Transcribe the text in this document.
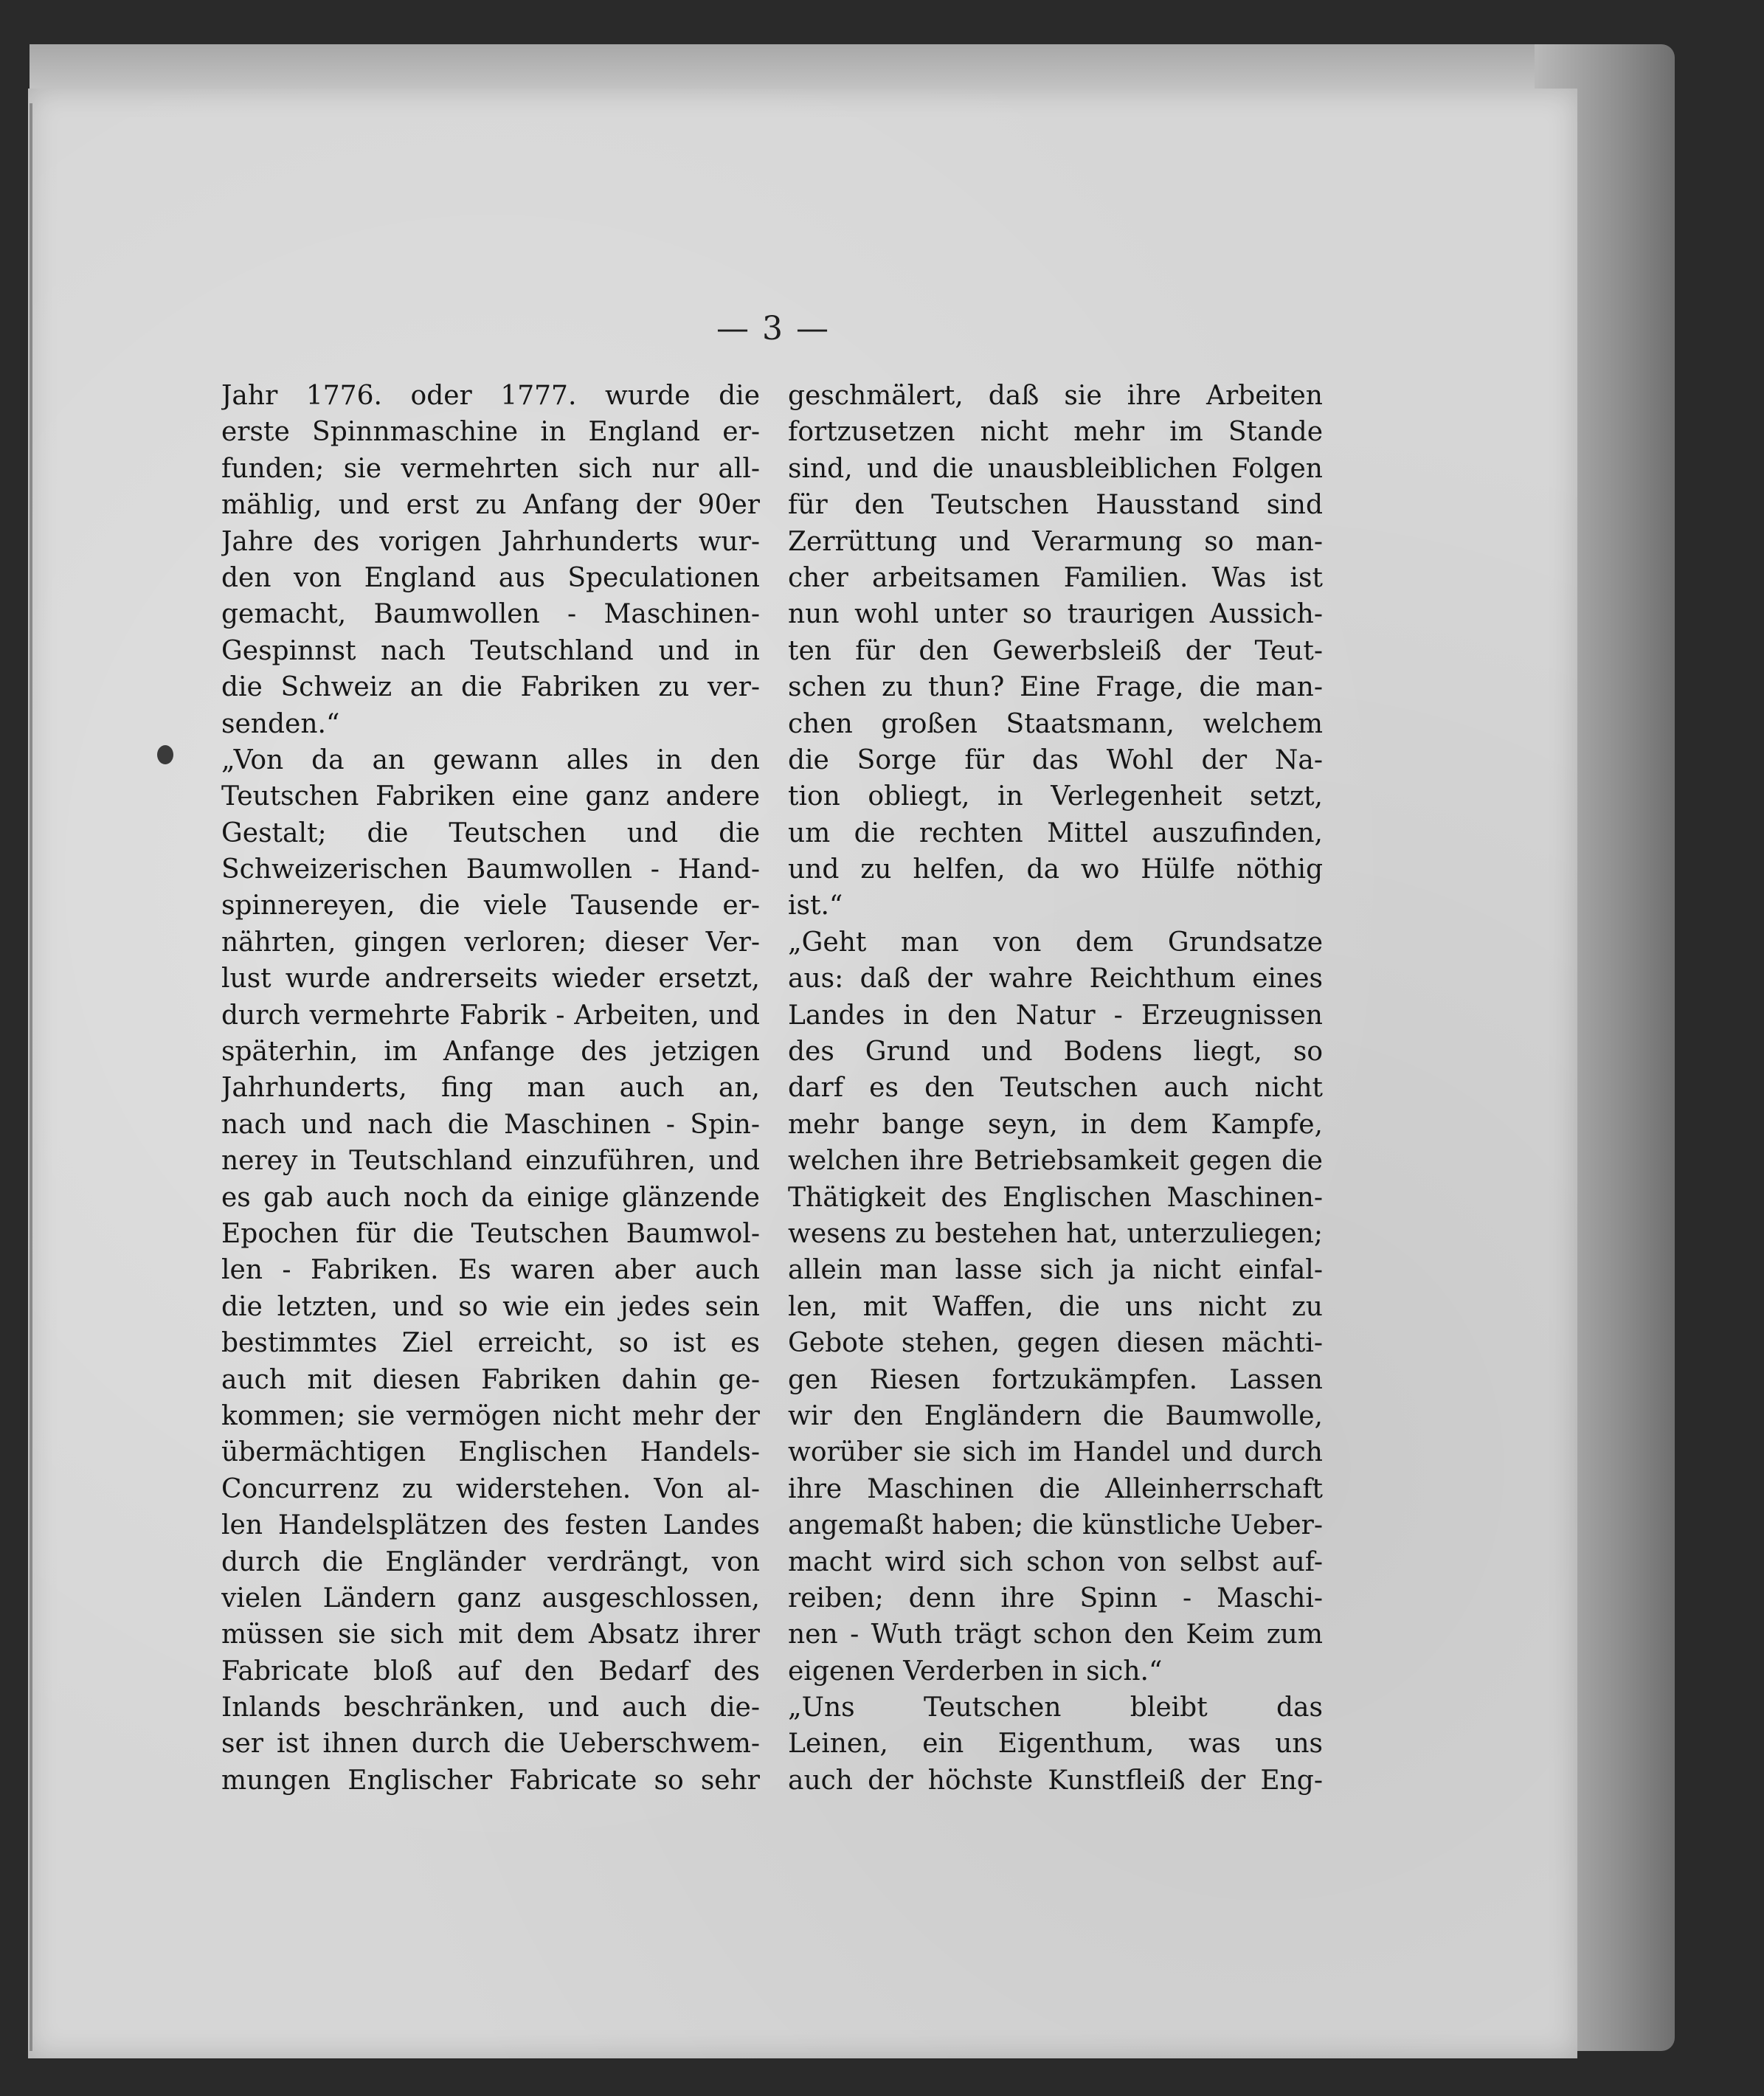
— 3 —
Jahr 1776. oder 1777. wurde die
erste Spinnmaschine in England er-
funden; sie vermehrten sich nur all-
mählig, und erst zu Anfang der 90er
Jahre des vorigen Jahrhunderts wur-
den von England aus Speculationen
gemacht, Baumwollen - Maschinen-
Gespinnst nach Teutschland und in
die Schweiz an die Fabriken zu ver-
senden.“
„Von da an gewann alles in den
Teutschen Fabriken eine ganz andere
Gestalt; die Teutschen und die
Schweizerischen Baumwollen - Hand-
spinnereyen, die viele Tausende er-
nährten, gingen verloren; dieser Ver-
lust wurde andrerseits wieder ersetzt,
durch vermehrte Fabrik - Arbeiten, und
späterhin, im Anfange des jetzigen
Jahrhunderts, fing man auch an,
nach und nach die Maschinen - Spin-
nerey in Teutschland einzuführen, und
es gab auch noch da einige glänzende
Epochen für die Teutschen Baumwol-
len - Fabriken. Es waren aber auch
die letzten, und so wie ein jedes sein
bestimmtes Ziel erreicht, so ist es
auch mit diesen Fabriken dahin ge-
kommen; sie vermögen nicht mehr der
übermächtigen Englischen Handels-
Concurrenz zu widerstehen. Von al-
len Handelsplätzen des festen Landes
durch die Engländer verdrängt, von
vielen Ländern ganz ausgeschlossen,
müssen sie sich mit dem Absatz ihrer
Fabricate bloß auf den Bedarf des
Inlands beschränken, und auch die-
ser ist ihnen durch die Ueberschwem-
mungen Englischer Fabricate so sehr
geschmälert, daß sie ihre Arbeiten
fortzusetzen nicht mehr im Stande
sind, und die unausbleiblichen Folgen
für den Teutschen Hausstand sind
Zerrüttung und Verarmung so man-
cher arbeitsamen Familien. Was ist
nun wohl unter so traurigen Aussich-
ten für den Gewerbsleiß der Teut-
schen zu thun? Eine Frage, die man-
chen großen Staatsmann, welchem
die Sorge für das Wohl der Na-
tion obliegt, in Verlegenheit setzt,
um die rechten Mittel auszufinden,
und zu helfen, da wo Hülfe nöthig
ist.“
„Geht man von dem Grundsatze
aus: daß der wahre Reichthum eines
Landes in den Natur - Erzeugnissen
des Grund und Bodens liegt, so
darf es den Teutschen auch nicht
mehr bange seyn, in dem Kampfe,
welchen ihre Betriebsamkeit gegen die
Thätigkeit des Englischen Maschinen-
wesens zu bestehen hat, unterzuliegen;
allein man lasse sich ja nicht einfal-
len, mit Waffen, die uns nicht zu
Gebote stehen, gegen diesen mächti-
gen Riesen fortzukämpfen. Lassen
wir den Engländern die Baumwolle,
worüber sie sich im Handel und durch
ihre Maschinen die Alleinherrschaft
angemaßt haben; die künstliche Ueber-
macht wird sich schon von selbst auf-
reiben; denn ihre Spinn - Maschi-
nen - Wuth trägt schon den Keim zum
eigenen Verderben in sich.“
„Uns Teutschen bleibt das
Leinen, ein Eigenthum, was uns
auch der höchste Kunstfleiß der Eng-
